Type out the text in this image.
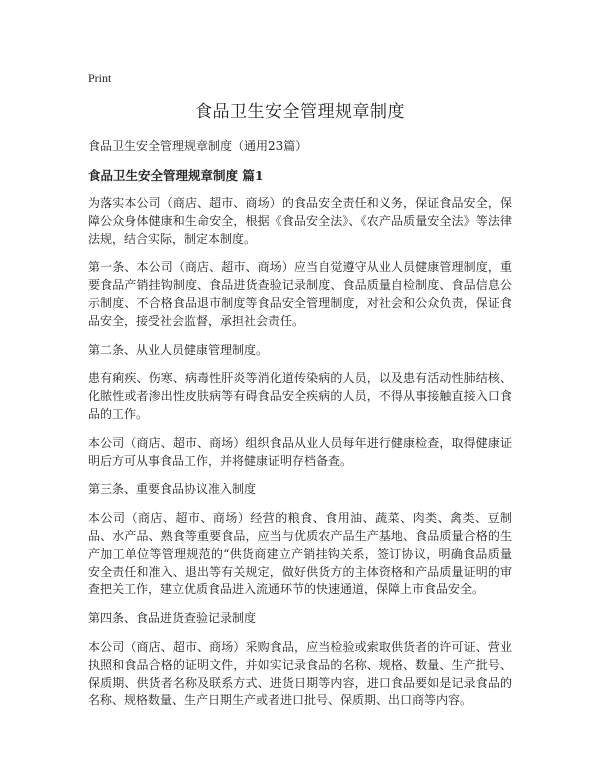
Print
食品卫生安全管理规章制度
食品卫生安全管理规章制度（通用23篇）
食品卫生安全管理规章制度 篇1

为落实本公司（商店、超市、商场）的食品安全责任和义务，保证食品安全，保障公众身体健康和生命安全，根据《食品安全法》、《农产品质量安全法》等法律法规，结合实际，制定本制度。

第一条、本公司（商店、超市、商场）应当自觉遵守从业人员健康管理制度，重要食品产销挂钩制度、食品进货查验记录制度、食品质量自检制度、食品信息公示制度、不合格食品退市制度等食品安全管理制度，对社会和公众负责，保证食品安全，接受社会监督，承担社会责任。

第二条、从业人员健康管理制度。

患有痢疾、伤寒、病毒性肝炎等消化道传染病的人员，以及患有活动性肺结核、化脓性或者渗出性皮肤病等有碍食品安全疾病的人员，不得从事接触直接入口食品的工作。

本公司（商店、超市、商场）组织食品从业人员每年进行健康检查，取得健康证明后方可从事食品工作，并将健康证明存档备查。

第三条、重要食品协议准入制度

本公司（商店、超市、商场）经营的粮食、食用油、蔬菜、肉类、禽类、豆制品、水产品、熟食等重要食品，应当与优质农产品生产基地、食品质量合格的生产加工单位等管理规范的“供货商建立产销挂钩关系，签订协议，明确食品质量安全责任和准入、退出等有关规定，做好供货方的主体资格和产品质量证明的审查把关工作，建立优质食品进入流通环节的快速通道，保障上市食品安全。

第四条、食品进货查验记录制度

本公司（商店、超市、商场）采购食品，应当检验或索取供货者的许可证、营业执照和食品合格的证明文件，并如实记录食品的名称、规格、数量、生产批号、保质期、供货者名称及联系方式、进货日期等内容，进口食品要如是记录食品的名称、规格数量、生产日期生产或者进口批号、保质期、出口商等内容。
